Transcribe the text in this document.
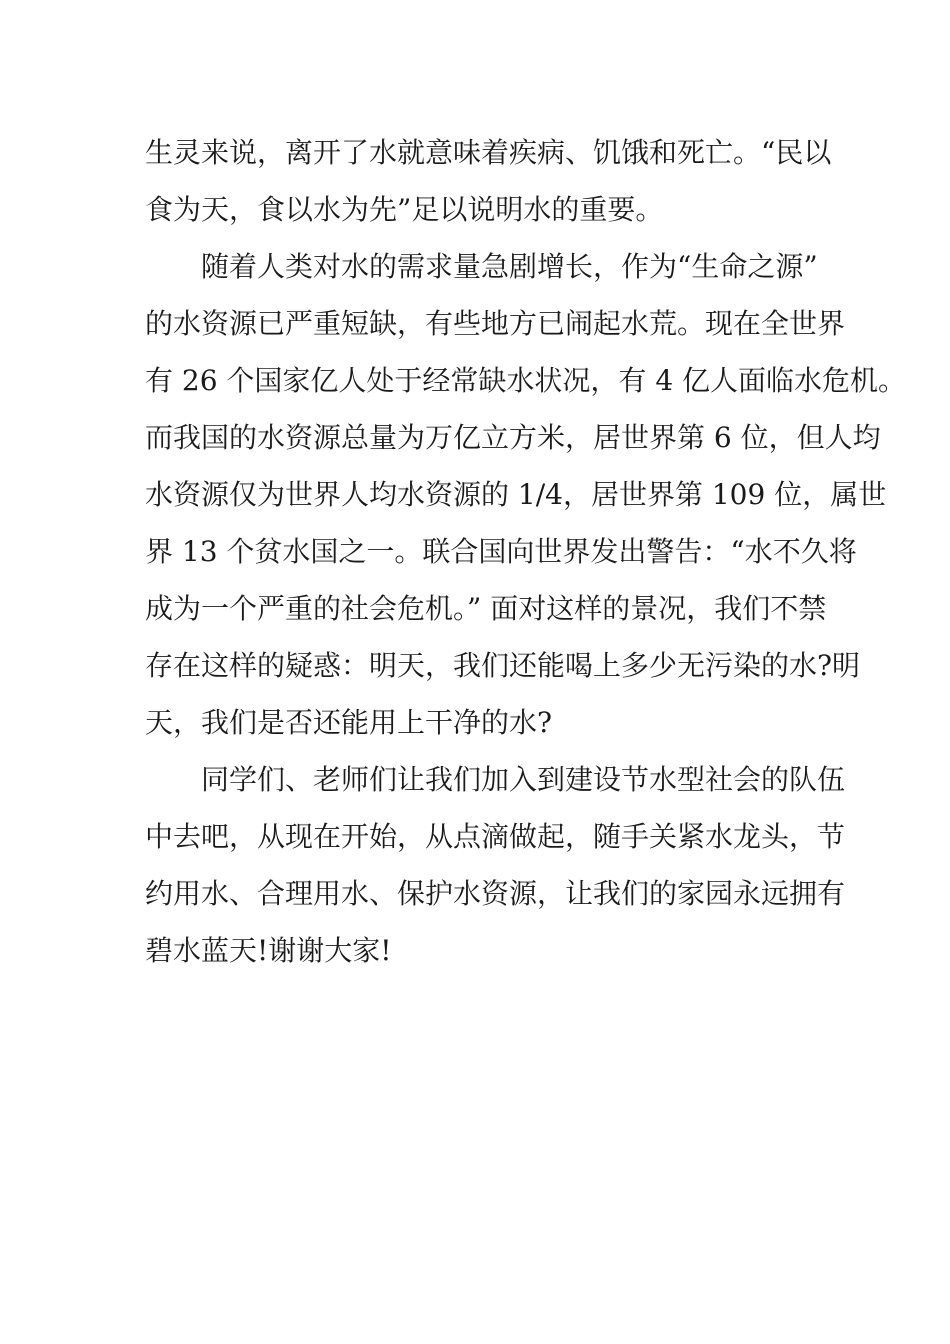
生灵来说，离开了水就意味着疾病、饥饿和死亡。“民以
食为天，食以水为先”足以说明水的重要。
随着人类对水的需求量急剧增长，作为“生命之源”
的水资源已严重短缺，有些地方已闹起水荒。现在全世界
有 26 个国家亿人处于经常缺水状况，有 4 亿人面临水危机。
而我国的水资源总量为万亿立方米，居世界第 6 位，但人均
水资源仅为世界人均水资源的 1/4，居世界第 109 位，属世
界 13 个贫水国之一。联合国向世界发出警告：“水不久将
成为一个严重的社会危机。” 面对这样的景况，我们不禁
存在这样的疑惑：明天，我们还能喝上多少无污染的水?明
天，我们是否还能用上干净的水?
同学们、老师们让我们加入到建设节水型社会的队伍
中去吧，从现在开始，从点滴做起，随手关紧水龙头，节
约用水、合理用水、保护水资源，让我们的家园永远拥有
碧水蓝天!谢谢大家!
